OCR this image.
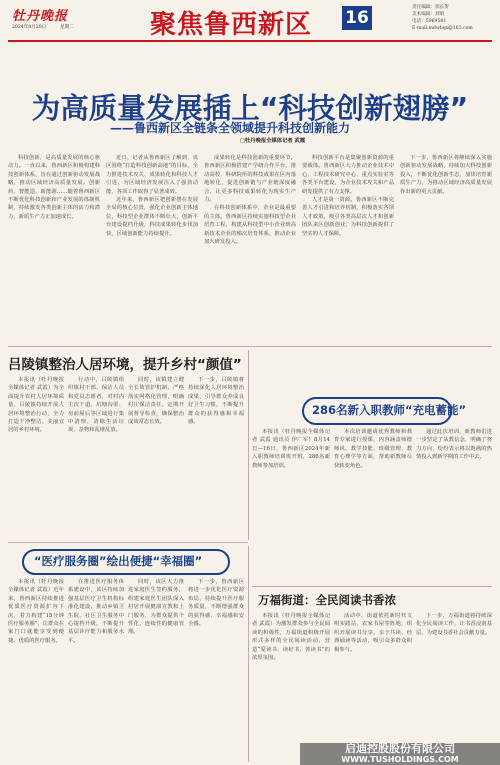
牡丹晚报
2024年8月20日	星期二	聚焦鲁西新区 16
责任编辑：郭长贺
美术编辑：刘娟
电话：5969581
E-mail:mdwbqx@163.com
为高质量发展插上“科技创新翅膀”
——鲁西新区全链条全领域提升科技创新能力
□牡丹晚报全媒体记者 武霞

科技创新，是高质量发展的核心驱动力。一直以来，鲁西新区积极构建科技创新体系，旨在通过创新驱动发展战略，推动区域经济高质量发展。创新药、智能造、新能源……随着鲁西新区不断优化科技创新和产业发展的体制机制，持续激发各类创新主体的活力和潜力，新质生产力正加速成长。

近日，记者从鲁西新区了解到，该区围绕“打造科技创新高地”的目标，全力推进技术攻关、成果转化和科技人才引进，为区域经济发展注入了强劲动能，各项工作取得了显著成效。

近年来，鲁西新区把创新摆在发展全局的核心位置，强化企业创新主体地位，科技型企业群体不断壮大，创新平台建设提档升级，科技成果转化步伐加快，区域创新能力持续提升。

成果转化是科技创新的重要环节。鲁西新区积极搭建产学研合作平台，推动高校、科研院所的科技成果在区内落地转化，促进创新链与产业链深度融合，让更多科技成果转化为现实生产力。

在科技创新体系中，企业是最重要的主体。鲁西新区持续实施科技型企业培育工程，构建从科技型中小企业到高新技术企业的梯次培育体系，推动企业加大研发投入。

科技创新平台是集聚创新资源的重要载体。鲁西新区大力推动企业技术中心、工程技术研究中心、重点实验室等各类平台建设，为企业技术攻关和产品研发提供了有力支撑。

人才是第一资源。鲁西新区不断完善人才引进和培养机制，积极落实各项人才政策，吸引各类高层次人才和创新团队来区创新创业，为科技创新提供了坚实的人才保障。

下一步，鲁西新区将继续深入实施创新驱动发展战略，持续加大科技创新投入，不断优化创新生态，加快培育新质生产力，为推动区域经济高质量发展作出新的更大贡献。

吕陵镇整治人居环境，提升乡村“颜值”

本报讯（牡丹晚报全媒体记者 武霞）为全面提升农村人居环境质量，吕陵镇持续开展人居环境整治行动，全力打造干净整洁、美丽宜居的乡村环境。

行动中，吕陵镇组织镇村干部、保洁人员和党员志愿者，对村内主次干道、坑塘沟渠、房前屋后等区域进行集中清理，清除生活垃圾、杂物和乱堆乱放。

同时，该镇建立健全长效管护机制，严格落实网格化管理，明确村庄保洁责任，定期开展督导检查，确保整治成效常态长效。

下一步，吕陵镇将持续深化人居环境整治成果，引导群众养成良好卫生习惯，不断提升群众的获得感和幸福感。

286名新入职教师“充电蓄能”

本报讯（牡丹晚报全媒体记者 武霞 通讯员 伊广军）8月14日—16日，鲁西新区2024年新入职教师培训班开班，286名新教师参加培训。

本次培训邀请优秀教师和教育专家进行授课，内容涵盖师德师风、教学技能、班级管理、教育心理学等方面，帮助新教师尽快转变角色。

通过此次培训，新教师们进一步坚定了从教信念，明确了努力方向，纷纷表示将以饱满的热情投入到新学期的工作中去。

“医疗服务圈”绘出便捷“幸福圈”

本报讯（牡丹晚报全媒体记者 武霞）近年来，鲁西新区持续推进优质医疗资源扩容下沉，着力构建“15分钟医疗服务圈”，让群众在家门口就能享受到便捷、优质的医疗服务。

在推进医疗服务体系建设中，该区持续加强基层医疗卫生机构标准化建设，推动乡镇卫生院、社区卫生服务中心提档升级，不断提升基层诊疗能力和服务水平。

同时，该区大力推进家庭医生签约服务，组建家庭医生团队深入村居开展健康宣教和上门服务，为群众提供个性化、连续性的健康管理。

下一步，鲁西新区将进一步优化医疗资源布局，持续提升医疗服务质量，不断增强群众的获得感、幸福感和安全感。

万福街道：全民阅读书香浓

本报讯（牡丹晚报全媒体记者 武霞）为激发群众参与全民阅读的积极性，万福街道积极开展形式多样的全民阅读活动，营造“爱读书、读好书、善读书”的浓厚氛围。

活动中，街道依托新时代文明实践站、农家书屋等阵地，组织开展读书分享、亲子共读、经典诵读等活动，吸引众多群众积极参与。

下一步，万福街道将持续深化全民阅读工作，让书香浸润基层，为建设书香社会贡献力量。

启迪控股股份有限公司
WWW.TUSHOLDINGS.COM
